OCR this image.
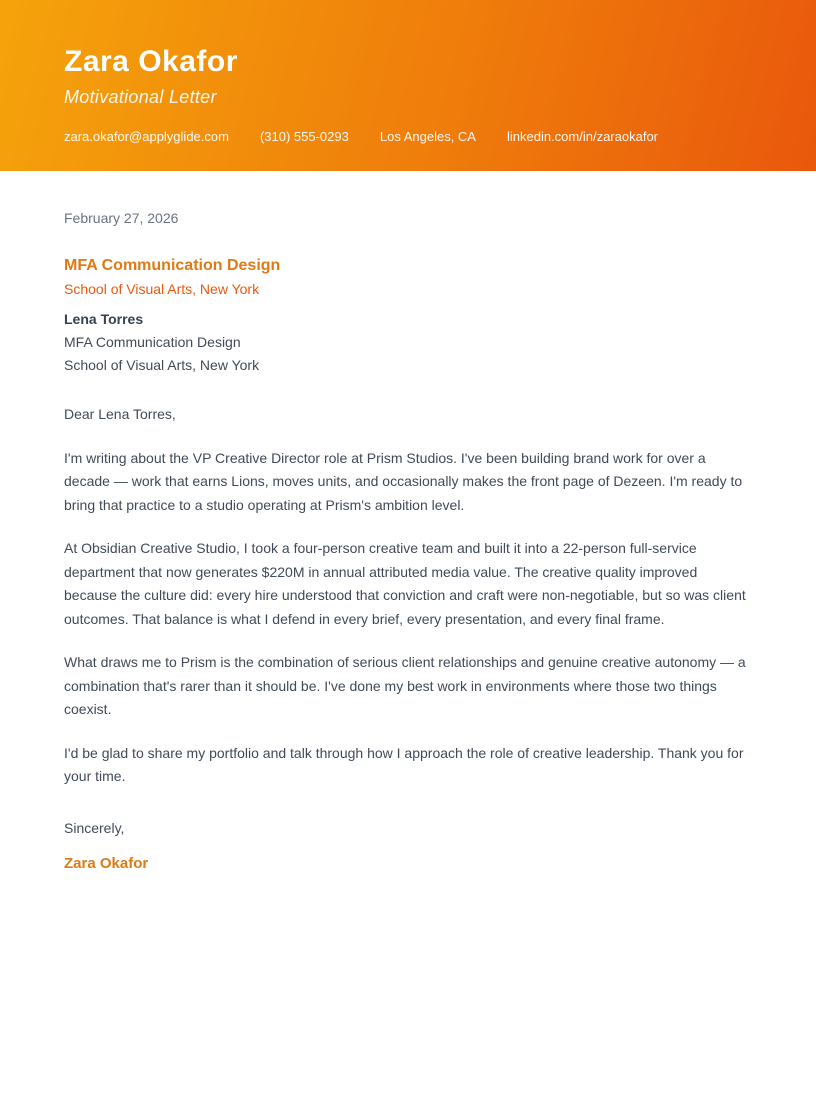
Zara Okafor
Motivational Letter
zara.okafor@applyglide.com (310) 555-0293 Los Angeles, CA linkedin.com/in/zaraokafor
February 27, 2026
MFA Communication Design
School of Visual Arts, New York
Lena Torres
MFA Communication Design
School of Visual Arts, New York

Dear Lena Torres,

I'm writing about the VP Creative Director role at Prism Studios. I've been building brand work for over a decade — work that earns Lions, moves units, and occasionally makes the front page of Dezeen. I'm ready to bring that practice to a studio operating at Prism's ambition level.

At Obsidian Creative Studio, I took a four-person creative team and built it into a 22-person full-service department that now generates $220M in annual attributed media value. The creative quality improved because the culture did: every hire understood that conviction and craft were non-negotiable, but so was client outcomes. That balance is what I defend in every brief, every presentation, and every final frame.

What draws me to Prism is the combination of serious client relationships and genuine creative autonomy — a combination that's rarer than it should be. I've done my best work in environments where those two things coexist.

I'd be glad to share my portfolio and talk through how I approach the role of creative leadership. Thank you for your time.

Sincerely,

Zara Okafor
